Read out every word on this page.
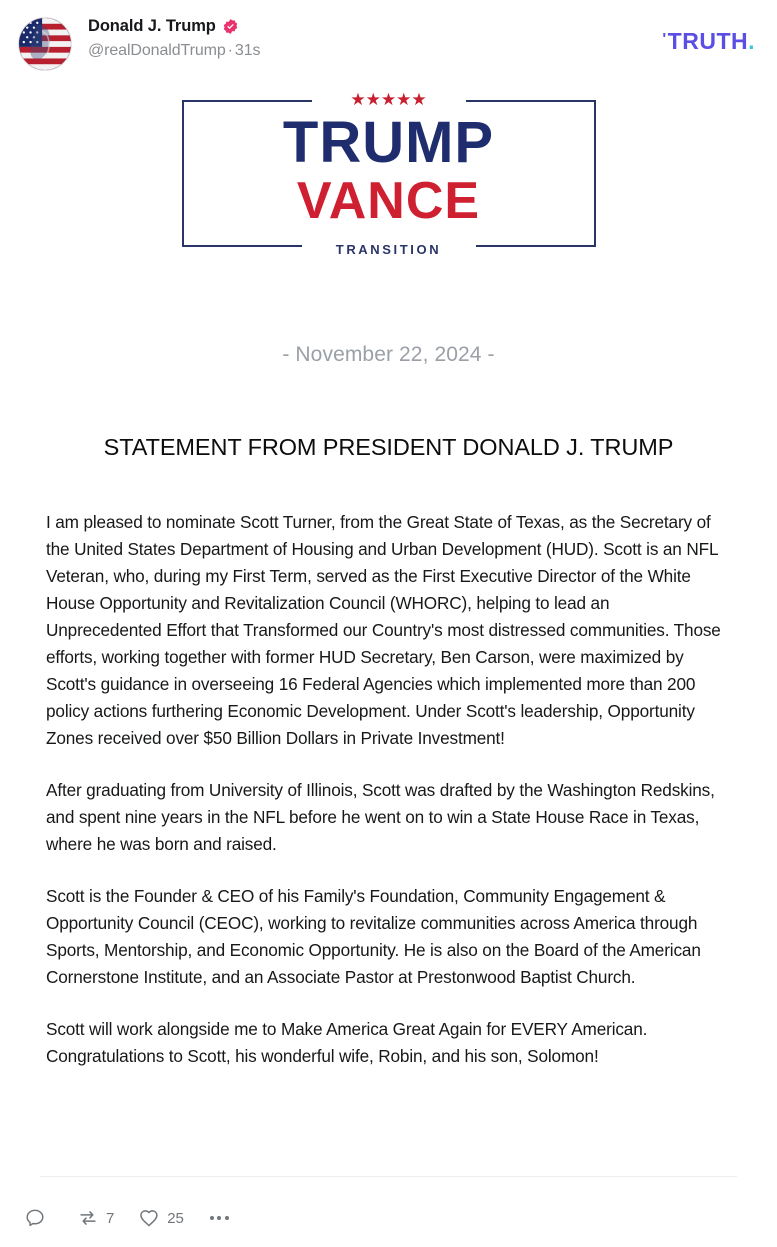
Donald J. Trump
@realDonaldTrump · 31s
' TRUTH .
★★★★★
TRUMP
VANCE
TRANSITION
- November 22, 2024 -
STATEMENT FROM PRESIDENT DONALD J. TRUMP

I am pleased to nominate Scott Turner, from the Great State of Texas, as the Secretary of the United States Department of Housing and Urban Development (HUD). Scott is an NFL Veteran, who, during my First Term, served as the First Executive Director of the White House Opportunity and Revitalization Council (WHORC), helping to lead an Unprecedented Effort that Transformed our Country's most distressed communities. Those efforts, working together with former HUD Secretary, Ben Carson, were maximized by Scott's guidance in overseeing 16 Federal Agencies which implemented more than 200 policy actions furthering Economic Development. Under Scott's leadership, Opportunity Zones received over $50 Billion Dollars in Private Investment!

After graduating from University of Illinois, Scott was drafted by the Washington Redskins, and spent nine years in the NFL before he went on to win a State House Race in Texas, where he was born and raised.

Scott is the Founder & CEO of his Family's Foundation, Community Engagement & Opportunity Council (CEOC), working to revitalize communities across America through Sports, Mentorship, and Economic Opportunity. He is also on the Board of the American Cornerstone Institute, and an Associate Pastor at Prestonwood Baptist Church.

Scott will work alongside me to Make America Great Again for EVERY American. Congratulations to Scott, his wonderful wife, Robin, and his son, Solomon!

7	25
